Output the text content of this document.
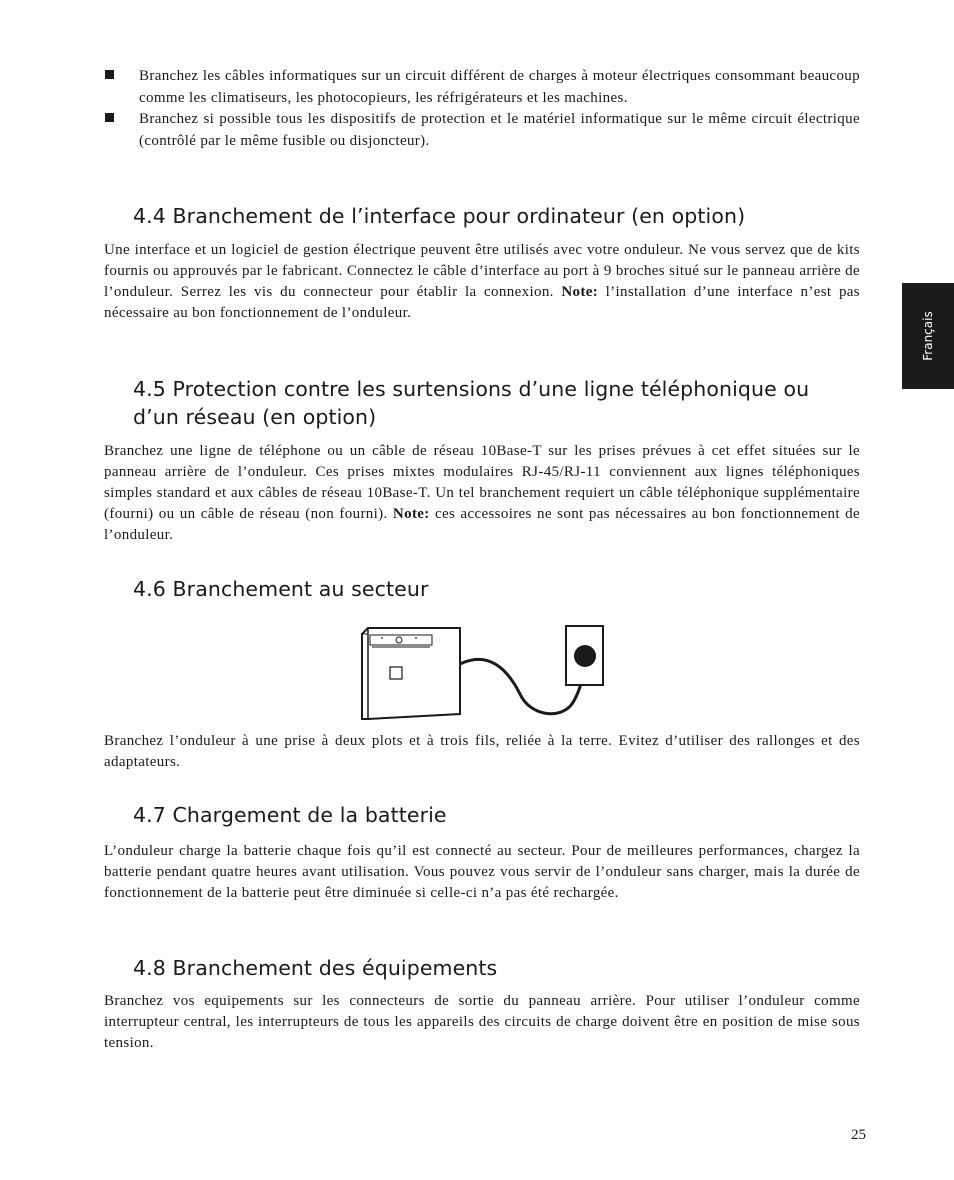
Branchez les câbles informatiques sur un circuit différent de charges à moteur électriques consommant beaucoup comme les climatiseurs, les photocopieurs, les réfrigérateurs et les machines.
Branchez si possible tous les dispositifs de protection et le matériel informatique sur le même circuit électrique (contrôlé par le même fusible ou disjoncteur).
4.4 Branchement de l’interface pour ordinateur (en option)

Une interface et un logiciel de gestion électrique peuvent être utilisés avec votre onduleur. Ne vous servez que de kits fournis ou approuvés par le fabricant. Connectez le câble d’interface au port à 9 broches situé sur le panneau arrière de l’onduleur. Serrez les vis du connecteur pour établir la connexion. Note: l’installation d’une interface n’est pas nécessaire au bon fonctionnement de l’onduleur.

4.5 Protection contre les surtensions d’une ligne téléphonique ou
d’un réseau (en option)

Branchez une ligne de téléphone ou un câble de réseau 10Base-T sur les prises prévues à cet effet situées sur le panneau arrière de l’onduleur. Ces prises mixtes modulaires RJ-45/RJ-11 conviennent aux lignes téléphoniques simples standard et aux câbles de réseau 10Base-T. Un tel branchement requiert un câble téléphonique supplémentaire (fourni) ou un câble de réseau (non fourni). Note: ces accessoires ne sont pas nécessaires au bon fonctionnement de l’onduleur.

4.6 Branchement au secteur

Branchez l’onduleur à une prise à deux plots et à trois fils, reliée à la terre. Evitez d’utiliser des rallonges et des adaptateurs.

4.7 Chargement de la batterie

L’onduleur charge la batterie chaque fois qu’il est connecté au secteur. Pour de meilleures performances, chargez la batterie pendant quatre heures avant utilisation. Vous pouvez vous servir de l’onduleur sans charger, mais la durée de fonctionnement de la batterie peut être diminuée si celle-ci n’a pas été rechargée.

4.8 Branchement des équipements

Branchez vos equipements sur les connecteurs de sortie du panneau arrière. Pour utiliser l’onduleur comme interrupteur central, les interrupteurs de tous les appareils des circuits de charge doivent être en position de mise sous tension.

Français
25
